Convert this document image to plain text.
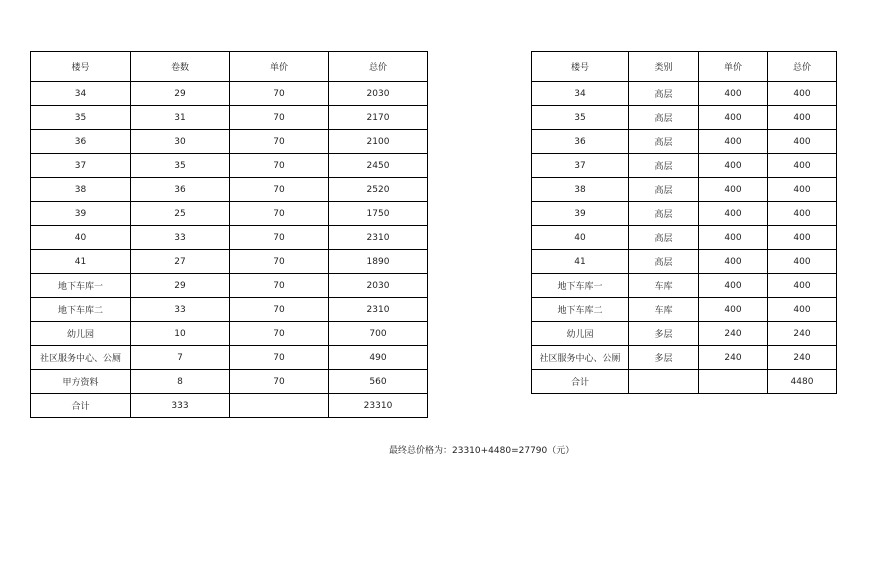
楼号	卷数	单价	总价
34	29	70	2030
35	31	70	2170
36	30	70	2100
37	35	70	2450
38	36	70	2520
39	25	70	1750
40	33	70	2310
41	27	70	1890
地下车库一	29	70	2030
地下车库二	33	70	2310
幼儿园	10	70	700
社区服务中心、公厕	7	70	490
甲方资料	8	70	560
合计	333		23310
楼号	类别	单价	总价
34	高层	400	400
35	高层	400	400
36	高层	400	400
37	高层	400	400
38	高层	400	400
39	高层	400	400
40	高层	400	400
41	高层	400	400
地下车库一	车库	400	400
地下车库二	车库	400	400
幼儿园	多层	240	240
社区服务中心、公厕	多层	240	240
合计			4480
最终总价格为：23310+4480=27790（元）
